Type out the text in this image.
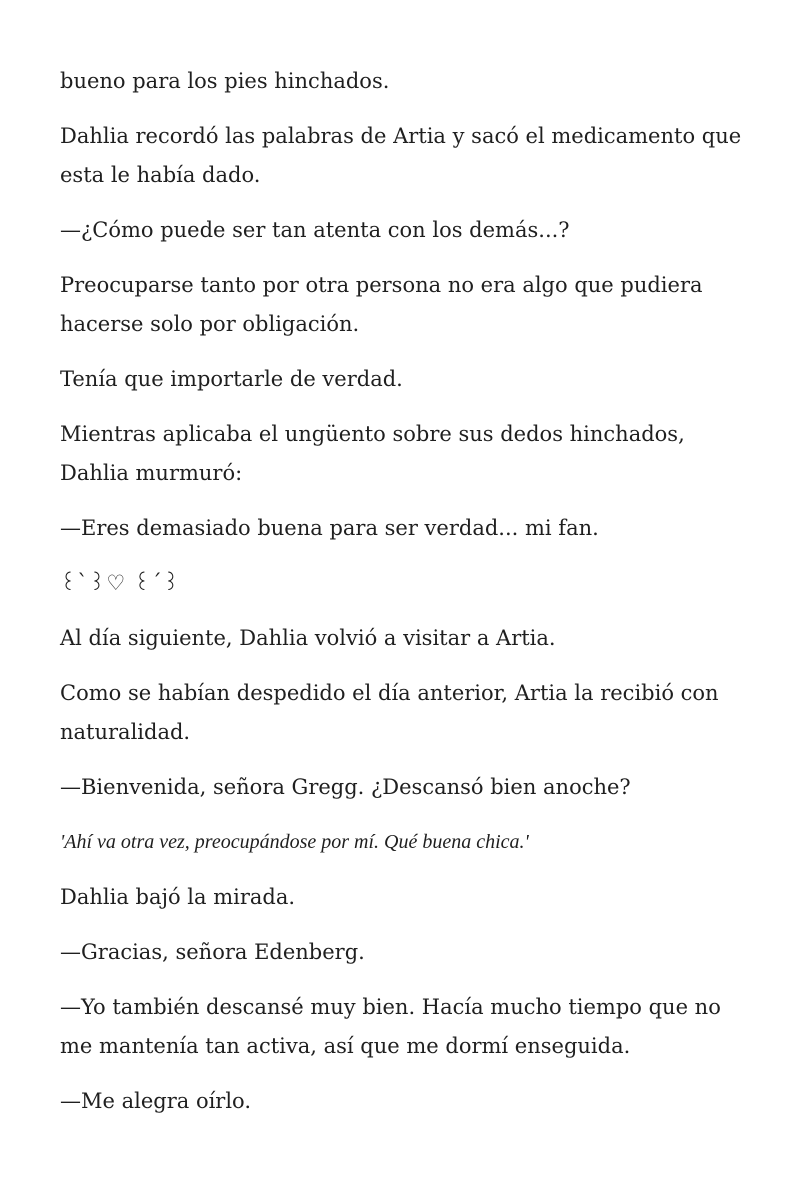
bueno para los pies hinchados.

Dahlia recordó las palabras de Artia y sacó el medicamento que esta le había dado.

—¿Cómo puede ser tan atenta con los demás...?

Preocuparse tanto por otra persona no era algo que pudiera hacerse solo por obligación.

Tenía que importarle de verdad.

Mientras aplicaba el ungüento sobre sus dedos hinchados, Dahlia murmuró:

—Eres demasiado buena para ser verdad... mi fan.

꒰`꒱♡ ꒰´꒱

Al día siguiente, Dahlia volvió a visitar a Artia.

Como se habían despedido el día anterior, Artia la recibió con naturalidad.

—Bienvenida, señora Gregg. ¿Descansó bien anoche?

'Ahí va otra vez, preocupándose por mí. Qué buena chica.'

Dahlia bajó la mirada.

—Gracias, señora Edenberg.

—Yo también descansé muy bien. Hacía mucho tiempo que no me mantenía tan activa, así que me dormí enseguida.

—Me alegra oírlo.
